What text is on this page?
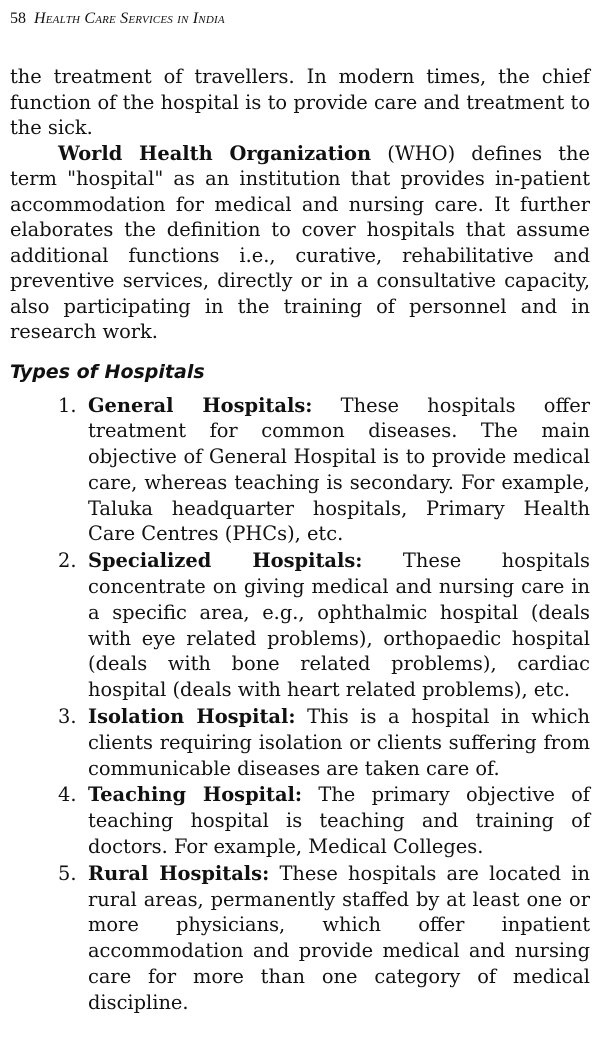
58 Health Care Services in India

the treatment of travellers. In modern times, the chief function of the hospital is to provide care and treatment to the sick.

World Health Organization (WHO) defines the term "hospital" as an institution that provides in-patient accommodation for medical and nursing care. It further elaborates the definition to cover hospitals that assume additional functions i.e., curative, rehabilitative and preventive services, directly or in a consultative capacity, also participating in the training of personnel and in research work.

Types of Hospitals
1. General Hospitals: These hospitals offer treatment for common diseases. The main objective of General Hospital is to provide medical care, whereas teaching is secondary. For example, Taluka headquarter hospitals, Primary Health Care Centres (PHCs), etc.
2. Specialized Hospitals: These hospitals concentrate on giving medical and nursing care in a specific area, e.g., ophthalmic hospital (deals with eye related problems), orthopaedic hospital (deals with bone related problems), cardiac hospital (deals with heart related problems), etc.
3. Isolation Hospital: This is a hospital in which clients requiring isolation or clients suffering from communicable diseases are taken care of.
4. Teaching Hospital: The primary objective of teaching hospital is teaching and training of doctors. For example, Medical Colleges.
5. Rural Hospitals: These hospitals are located in rural areas, permanently staffed by at least one or more physicians, which offer inpatient accommodation and provide medical and nursing care for more than one category of medical discipline.
